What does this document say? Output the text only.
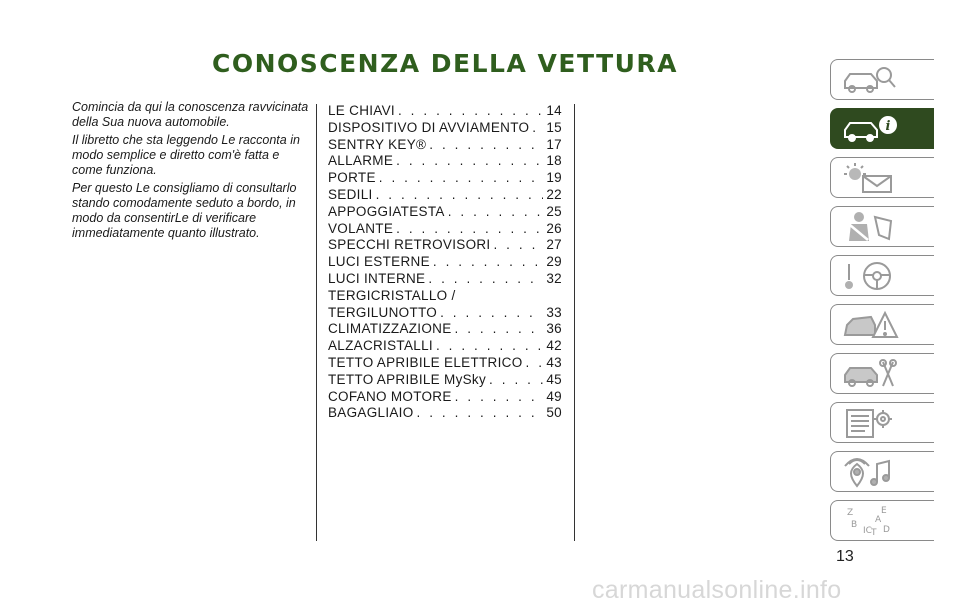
CONOSCENZA DELLA VETTURA

Comincia da qui la conoscenza ravvicinata della Sua nuova automobile.

Il libretto che sta leggendo Le racconta in modo semplice e diretto com'è fatta e come funziona.

Per questo Le consigliamo di consultarlo stando comodamente seduto a bordo, in modo da consentirLe di verificare immediatamente quanto illustrato.

LE CHIAVI . . .	14
DISPOSITIVO DI AVVIAMENTO . . . 15
SENTRY KEY® . . .	17
ALLARME . . .	18
PORTE . . .	19
SEDILI . . .	22
APPOGGIATESTA . . .	25
VOLANTE . . .	26
SPECCHI RETROVISORI . . .	27
LUCI ESTERNE . . .	29
LUCI INTERNE . . .	32
TERGICRISTALLO /
TERGILUNOTTO . . .	33
CLIMATIZZAZIONE . . .	36
ALZACRISTALLI . . .	42
TETTO APRIBILE ELETTRICO . . . 43
TETTO APRIBILE MySky . . .	45
COFANO MOTORE . . .	49
BAGAGLIAIO . . .	50
i
Z	E
B
IC
A
D
T
13
carmanualsonline.info
